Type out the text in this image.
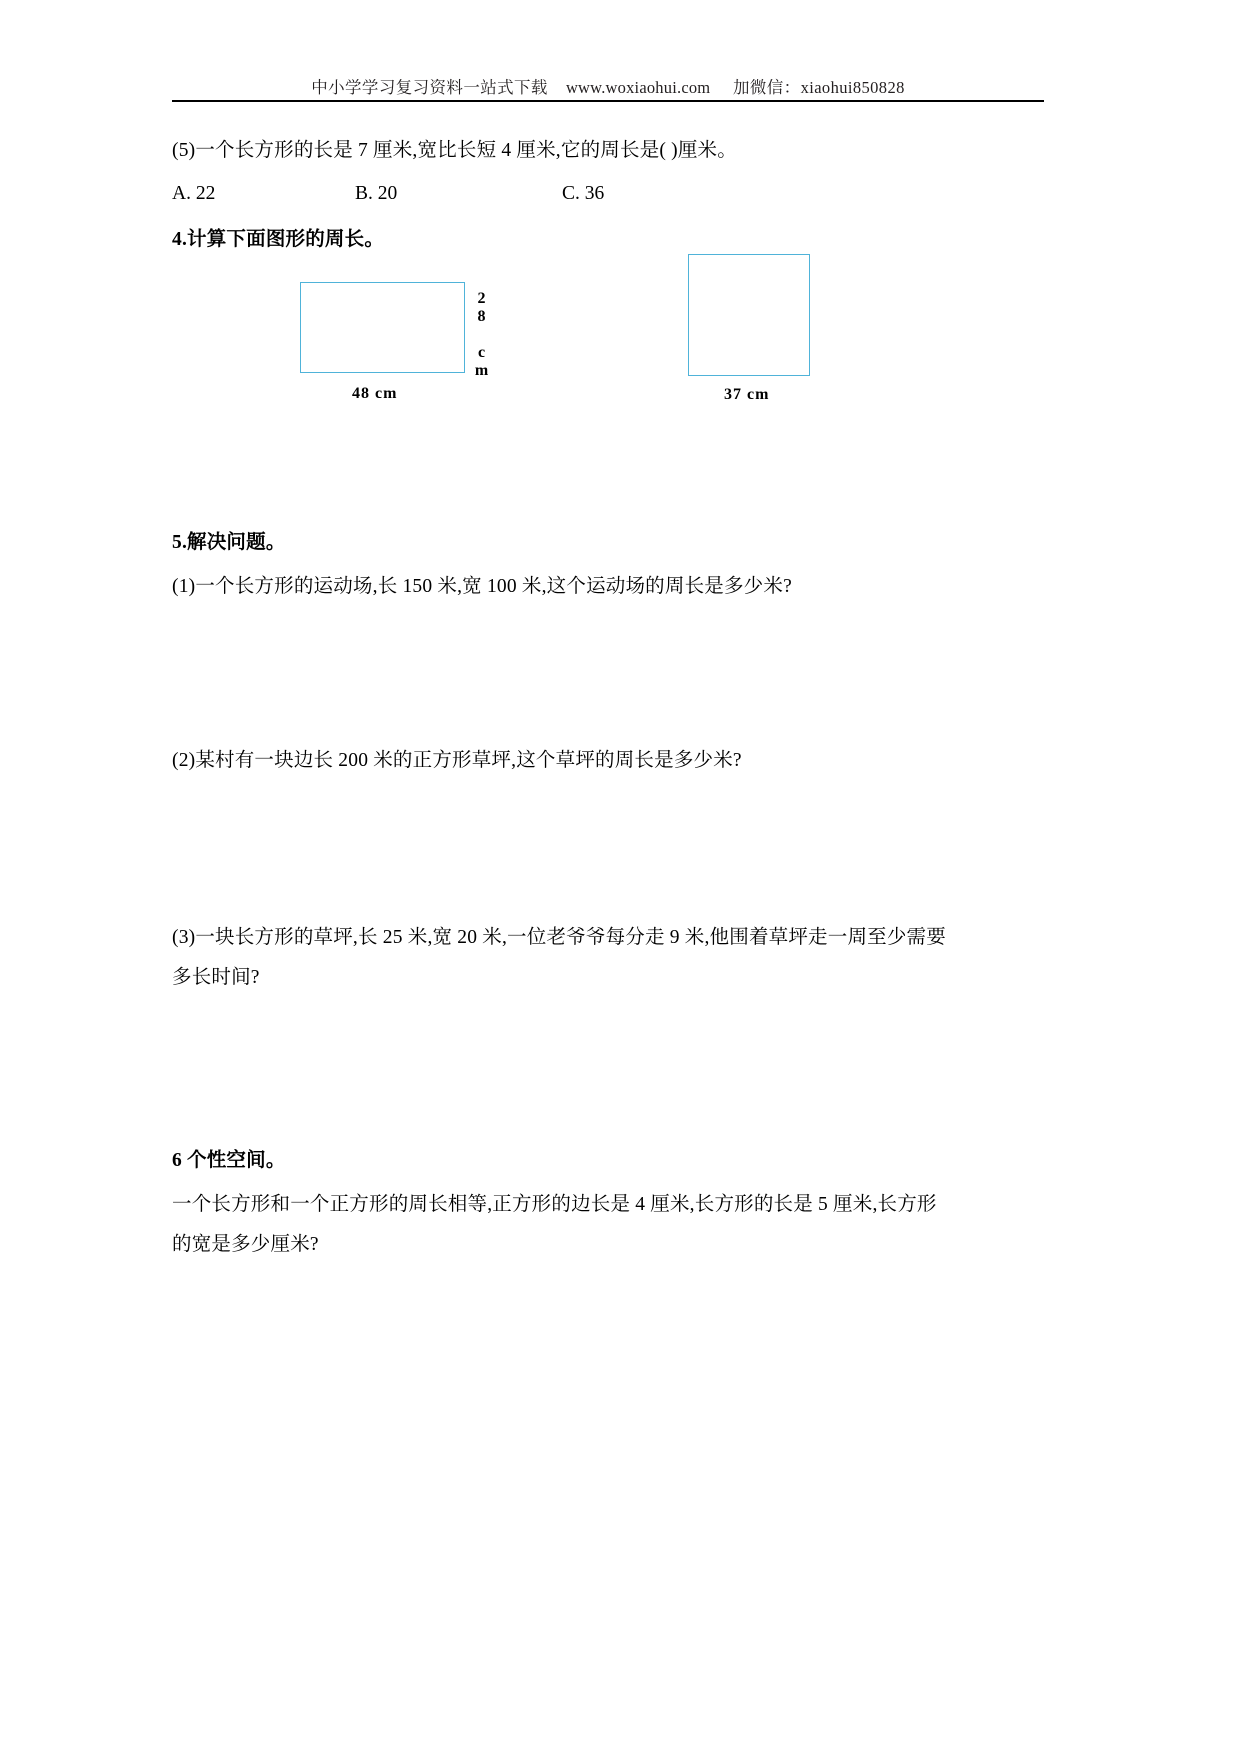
中小学学习复习资料一站式下载 www.woxiaohui.com 加微信：xiaohui850828
(5)一个长方形的长是 7 厘米,宽比长短 4 厘米,它的周长是( )厘米。
A. 22	B. 20	C. 36
4.计算下面图形的周长。
48 cm
28 cm
37 cm
5.解决问题。
(1)一个长方形的运动场,长 150 米,宽 100 米,这个运动场的周长是多少米?
(2)某村有一块边长 200 米的正方形草坪,这个草坪的周长是多少米?
(3)一块长方形的草坪,长 25 米,宽 20 米,一位老爷爷每分走 9 米,他围着草坪走一周至少需要多长时间?
6 个性空间。
一个长方形和一个正方形的周长相等,正方形的边长是 4 厘米,长方形的长是 5 厘米,长方形的宽是多少厘米?
